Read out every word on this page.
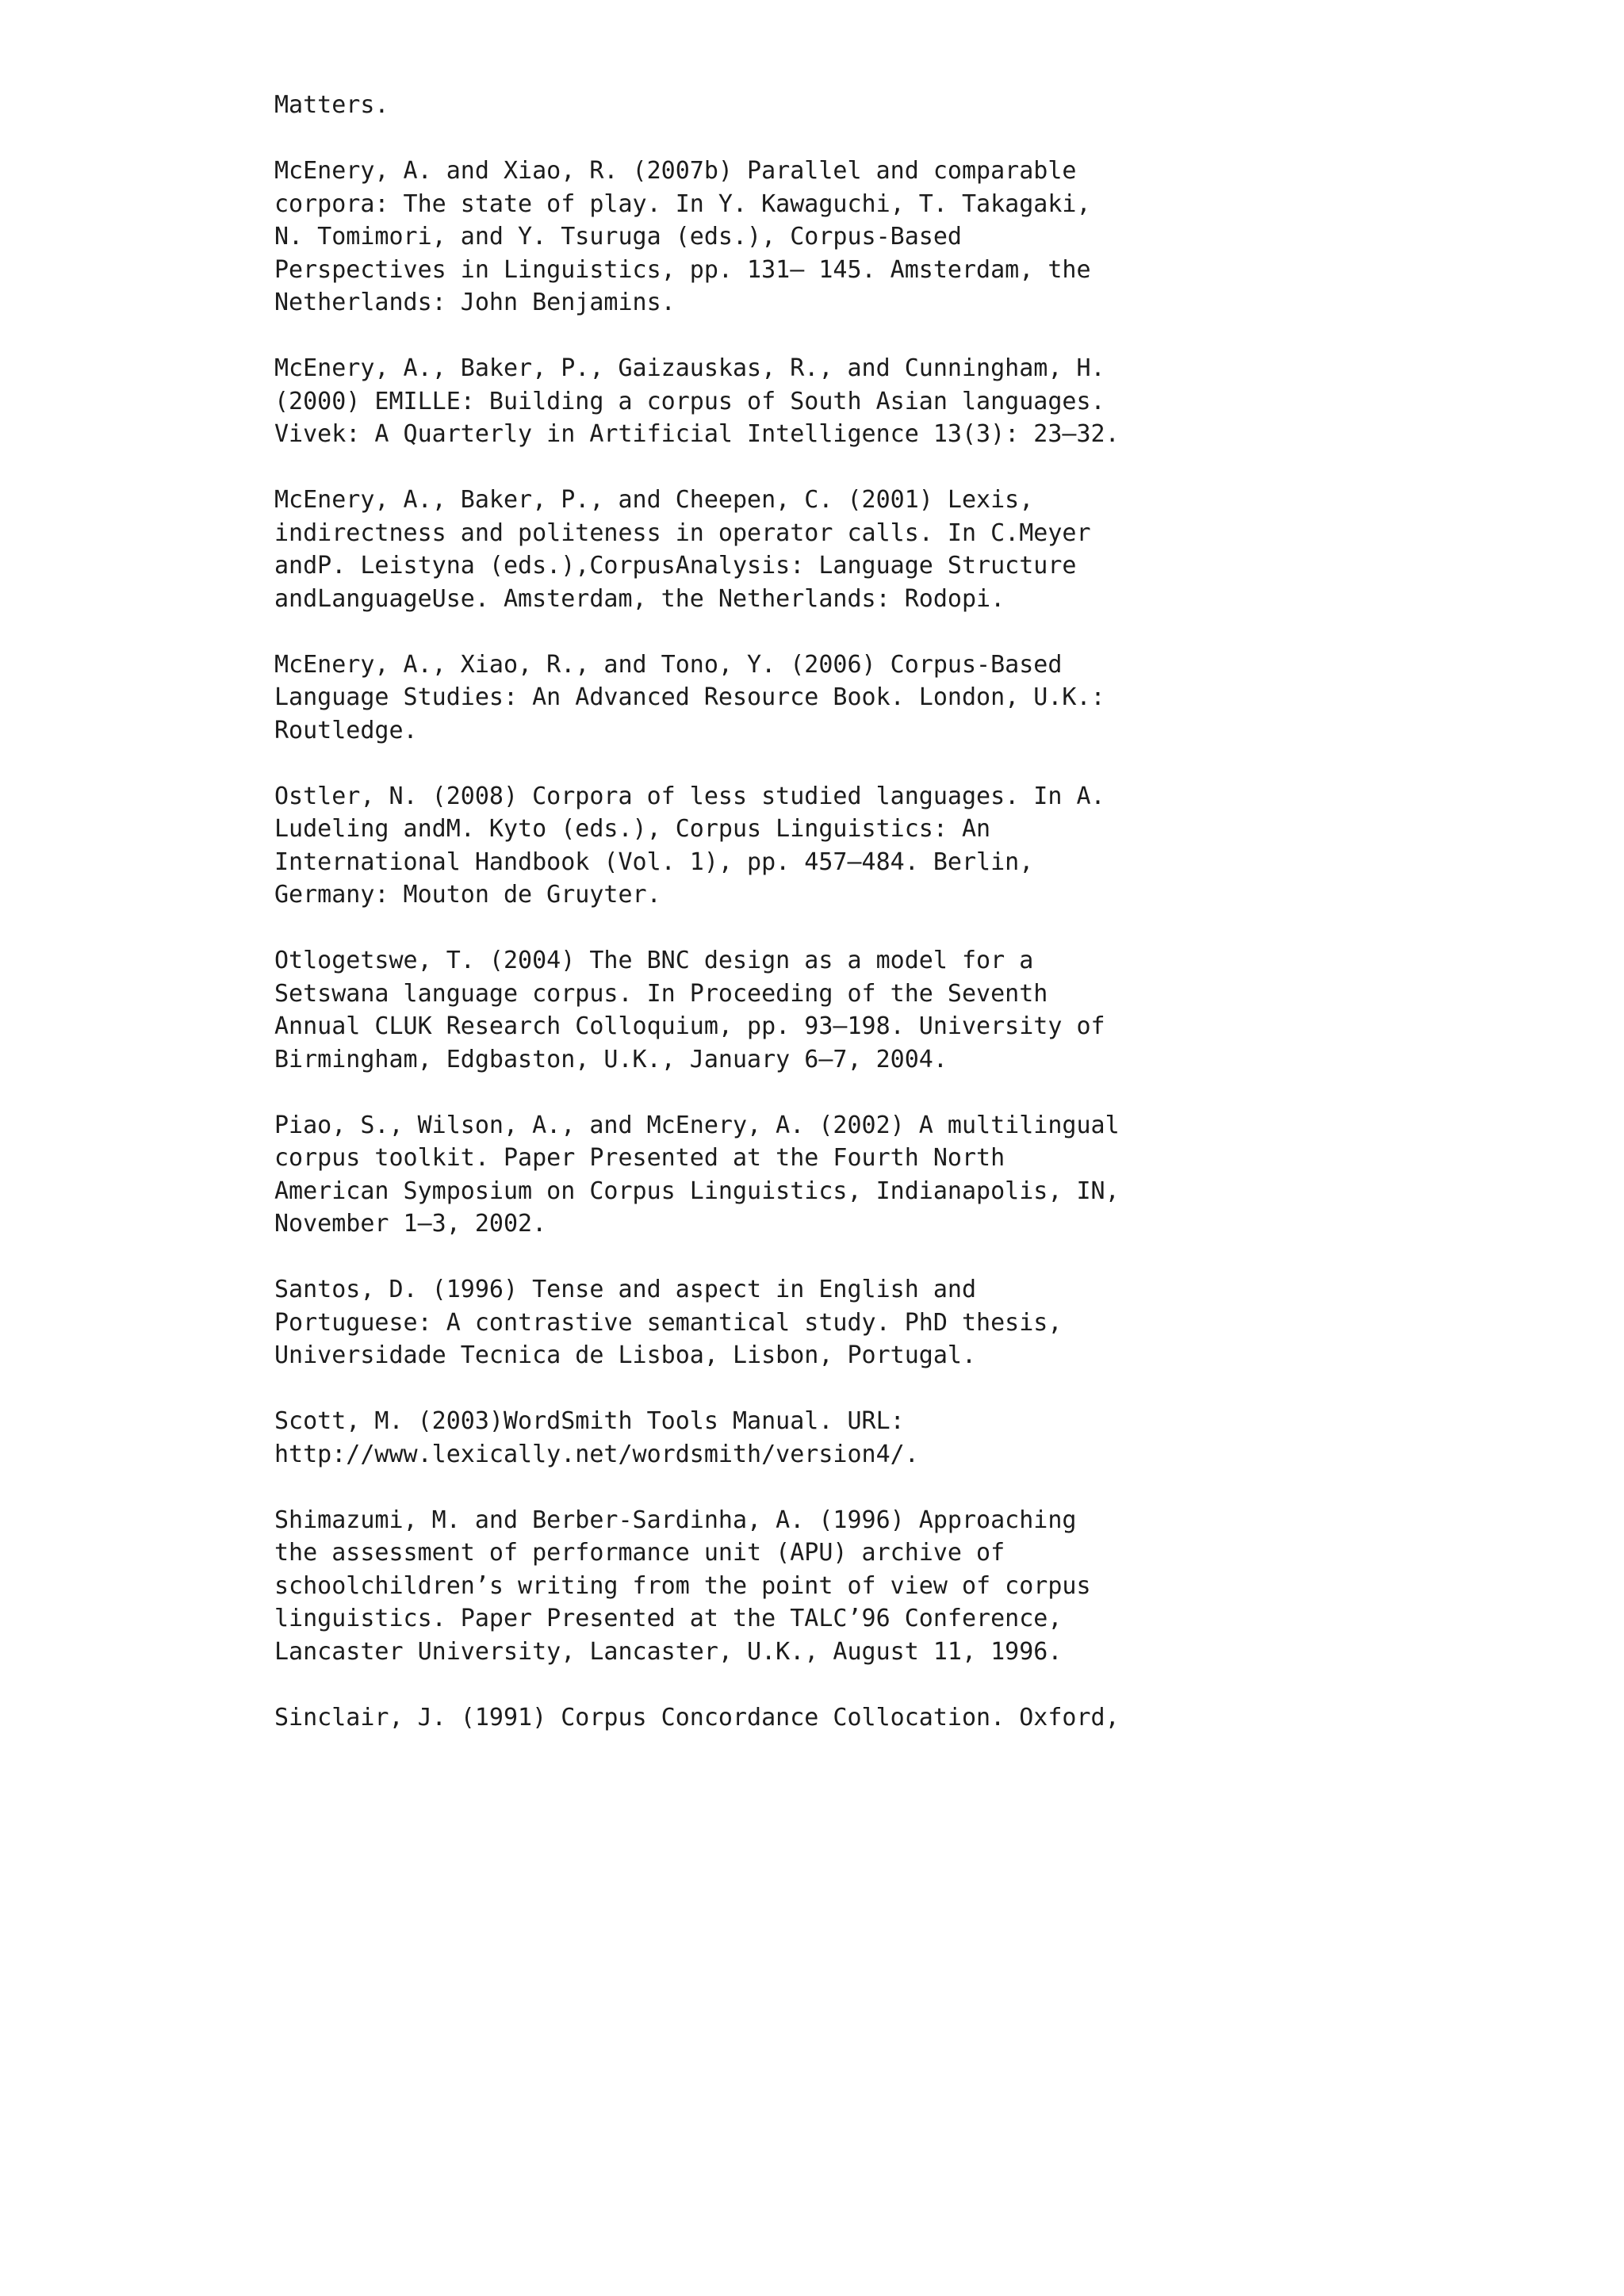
Matters.

McEnery, A. and Xiao, R. (2007b) Parallel and comparable
corpora: The state of play. In Y. Kawaguchi, T. Takagaki,
N. Tomimori, and Y. Tsuruga (eds.), Corpus-Based
Perspectives in Linguistics, pp. 131– 145. Amsterdam, the
Netherlands: John Benjamins.

McEnery, A., Baker, P., Gaizauskas, R., and Cunningham, H.
(2000) EMILLE: Building a corpus of South Asian languages.
Vivek: A Quarterly in Artificial Intelligence 13(3): 23–32.

McEnery, A., Baker, P., and Cheepen, C. (2001) Lexis,
indirectness and politeness in operator calls. In C.Meyer
andP. Leistyna (eds.),CorpusAnalysis: Language Structure
andLanguageUse. Amsterdam, the Netherlands: Rodopi.

McEnery, A., Xiao, R., and Tono, Y. (2006) Corpus-Based
Language Studies: An Advanced Resource Book. London, U.K.:
Routledge.

Ostler, N. (2008) Corpora of less studied languages. In A.
Ludeling andM. Kyto (eds.), Corpus Linguistics: An
International Handbook (Vol. 1), pp. 457–484. Berlin,
Germany: Mouton de Gruyter.

Otlogetswe, T. (2004) The BNC design as a model for a
Setswana language corpus. In Proceeding of the Seventh
Annual CLUK Research Colloquium, pp. 93–198. University of
Birmingham, Edgbaston, U.K., January 6–7, 2004.

Piao, S., Wilson, A., and McEnery, A. (2002) A multilingual
corpus toolkit. Paper Presented at the Fourth North
American Symposium on Corpus Linguistics, Indianapolis, IN,
November 1–3, 2002.

Santos, D. (1996) Tense and aspect in English and
Portuguese: A contrastive semantical study. PhD thesis,
Universidade Tecnica de Lisboa, Lisbon, Portugal.

Scott, M. (2003)WordSmith Tools Manual. URL:
http://www.lexically.net/wordsmith/version4/.

Shimazumi, M. and Berber-Sardinha, A. (1996) Approaching
the assessment of performance unit (APU) archive of
schoolchildren’s writing from the point of view of corpus
linguistics. Paper Presented at the TALC’96 Conference,
Lancaster University, Lancaster, U.K., August 11, 1996.

Sinclair, J. (1991) Corpus Concordance Collocation. Oxford,
